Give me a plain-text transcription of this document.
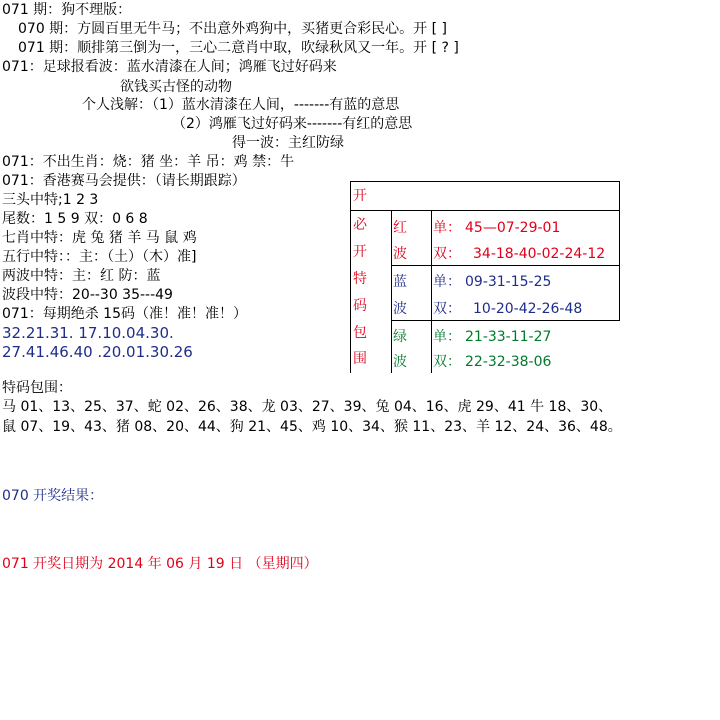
071 期：狗不理版：
070 期：方圆百里无牛马；不出意外鸡狗中，买猪更合彩民心。开 [ ]
071 期：顺排第三倒为一，三心二意肖中取，吹绿秋风又一年。开 [ ? ]
071：足球报看波：蓝水清漆在人间；鸿雁飞过好码来
欲钱买古怪的动物
个人浅解：（1）蓝水清漆在人间，-------有蓝的意思
（2）鸿雁飞过好码来-------有红的意思
得一波：主红防绿
071：不出生肖：烧：猪 坐：羊 吊：鸡 禁：牛
071：香港赛马会提供：（请长期跟踪）
三头中特;1 2 3
尾数：1 5 9 双：0 6 8
七肖中特：虎 兔 猪 羊 马 鼠 鸡
五行中特：：主：（土）（木）准]
两波中特：主：红 防：蓝
波段中特：20--30 35---49
071：每期绝杀 15码（准！准！准！）
32.21.31. 17.10.04.30.
27.41.46.40 .20.01.30.26
开
必
开
特
码
包
围
红 单： 45—07-29-01
波 双： 34-18-40-02-24-12
蓝 单： 09-31-15-25
波 双： 10-20-42-26-48
绿 单： 21-33-11-27
波 双： 22-32-38-06
特码包围：
马 01、13、25、37、蛇 02、26、38、龙 03、27、39、兔 04、16、虎 29、41 牛 18、30、
鼠 07、19、43、猪 08、20、44、狗 21、45、鸡 10、34、猴 11、23、羊 12、24、36、48。
070 开奖结果：
071 开奖日期为 2014 年 06 月 19 日 （星期四）
